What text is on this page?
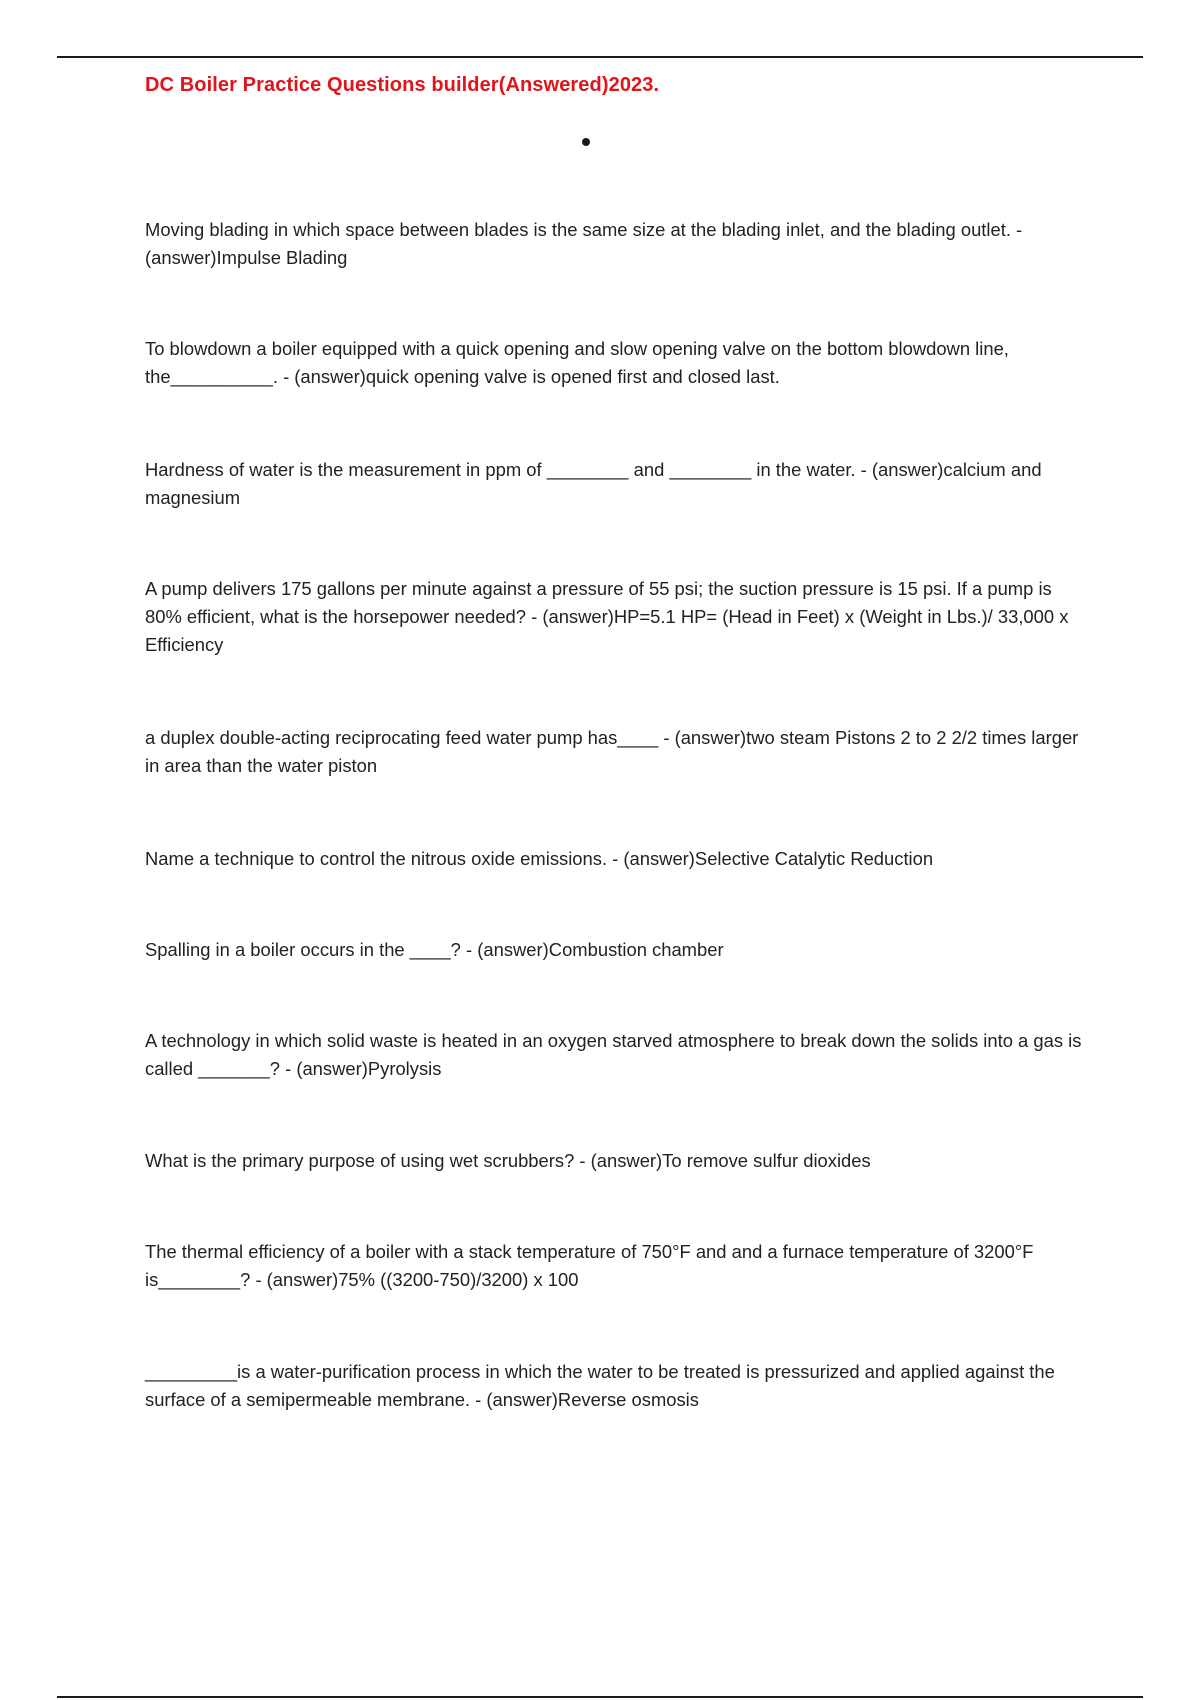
DC Boiler Practice Questions builder(Answered)2023.

Moving blading in which space between blades is the same size at the blading inlet, and the blading outlet. - (answer)Impulse Blading

To blowdown a boiler equipped with a quick opening and slow opening valve on the bottom blowdown line, the__________. - (answer)quick opening valve is opened first and closed last.

Hardness of water is the measurement in ppm of ________ and ________ in the water. - (answer)calcium and magnesium

A pump delivers 175 gallons per minute against a pressure of 55 psi; the suction pressure is 15 psi. If a pump is 80% efficient, what is the horsepower needed? - (answer)HP=5.1 HP= (Head in Feet) x (Weight in Lbs.)/ 33,000 x Efficiency

a duplex double-acting reciprocating feed water pump has____ - (answer)two steam Pistons 2 to 2 2/2 times larger in area than the water piston

Name a technique to control the nitrous oxide emissions. - (answer)Selective Catalytic Reduction

Spalling in a boiler occurs in the ____? - (answer)Combustion chamber

A technology in which solid waste is heated in an oxygen starved atmosphere to break down the solids into a gas is called _______? - (answer)Pyrolysis

What is the primary purpose of using wet scrubbers? - (answer)To remove sulfur dioxides

The thermal efficiency of a boiler with a stack temperature of 750°F and and a furnace temperature of 3200°F is________? - (answer)75% ((3200-750)/3200) x 100

_________is a water-purification process in which the water to be treated is pressurized and applied against the surface of a semipermeable membrane. - (answer)Reverse osmosis
